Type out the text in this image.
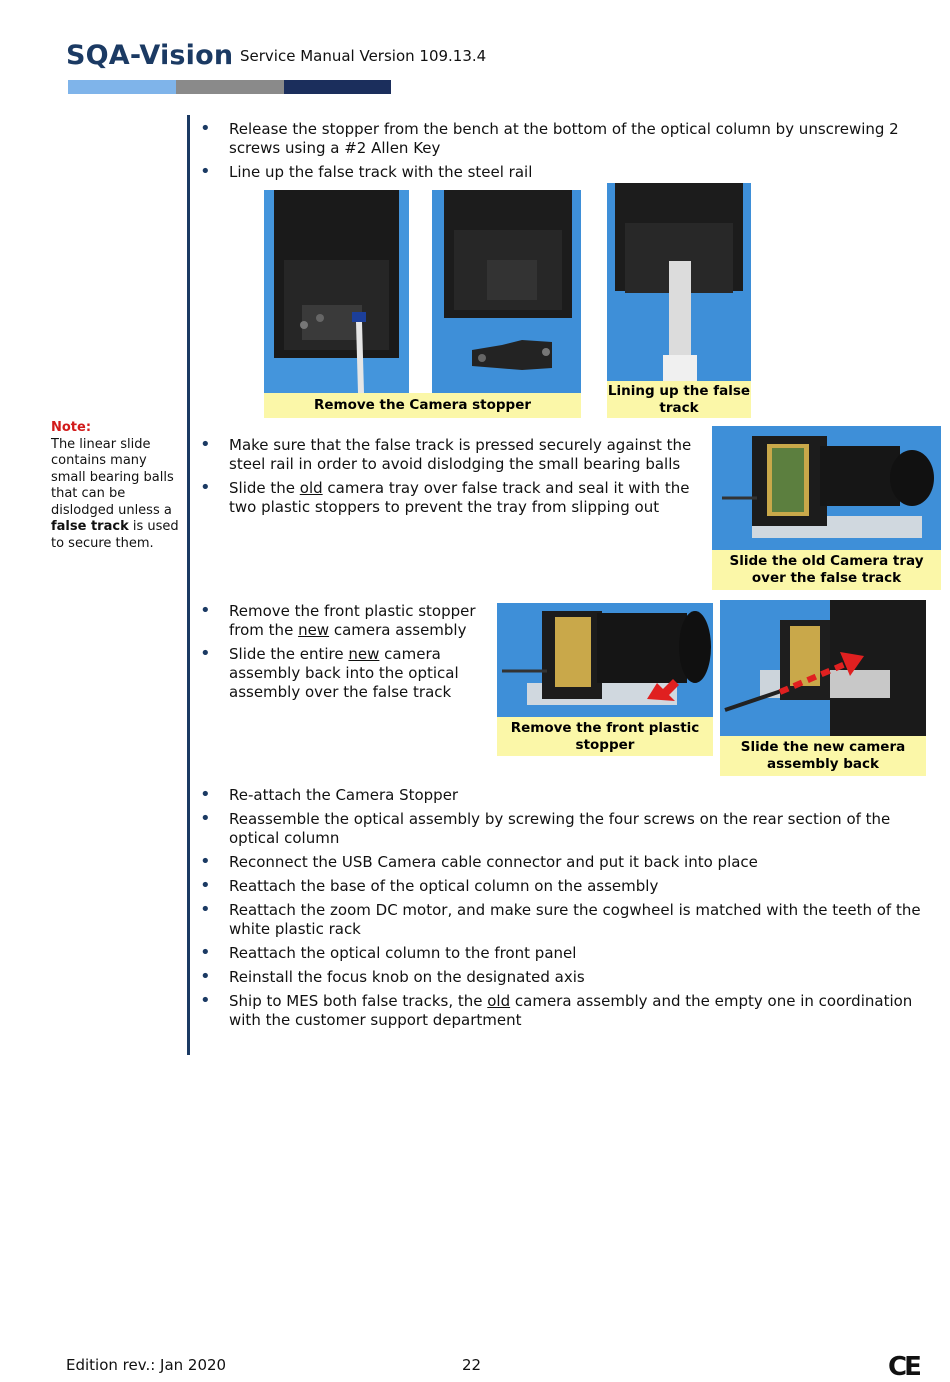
SQA-Vision Service Manual Version 109.13.4
Note:
The linear slide contains many small bearing balls that can be dislodged unless a false track is used to secure them.
• Release the stopper from the bench at the bottom of the optical column by unscrewing 2 screws using a #2 Allen Key
• Line up the false track with the steel rail
Remove the Camera stopper
Lining up the false track
• Make sure that the false track is pressed securely against the steel rail in order to avoid dislodging the small bearing balls
• Slide the old camera tray over false track and seal it with the two plastic stoppers to prevent the tray from slipping out
Slide the old Camera tray over the false track
• Remove the front plastic stopper from the new camera assembly
• Slide the entire new camera assembly back into the optical assembly over the false track
Remove the front plastic stopper	Slide the new camera assembly back
• Re-attach the Camera Stopper
• Reassemble the optical assembly by screwing the four screws on the rear section of the optical column
• Reconnect the USB Camera cable connector and put it back into place
• Reattach the base of the optical column on the assembly
• Reattach the zoom DC motor, and make sure the cogwheel is matched with the teeth of the white plastic rack
• Reattach the optical column to the front panel
• Reinstall the focus knob on the designated axis
• Ship to MES both false tracks, the old camera assembly and the empty one in coordination with the customer support department
Edition rev.: Jan 2020	22	CE
